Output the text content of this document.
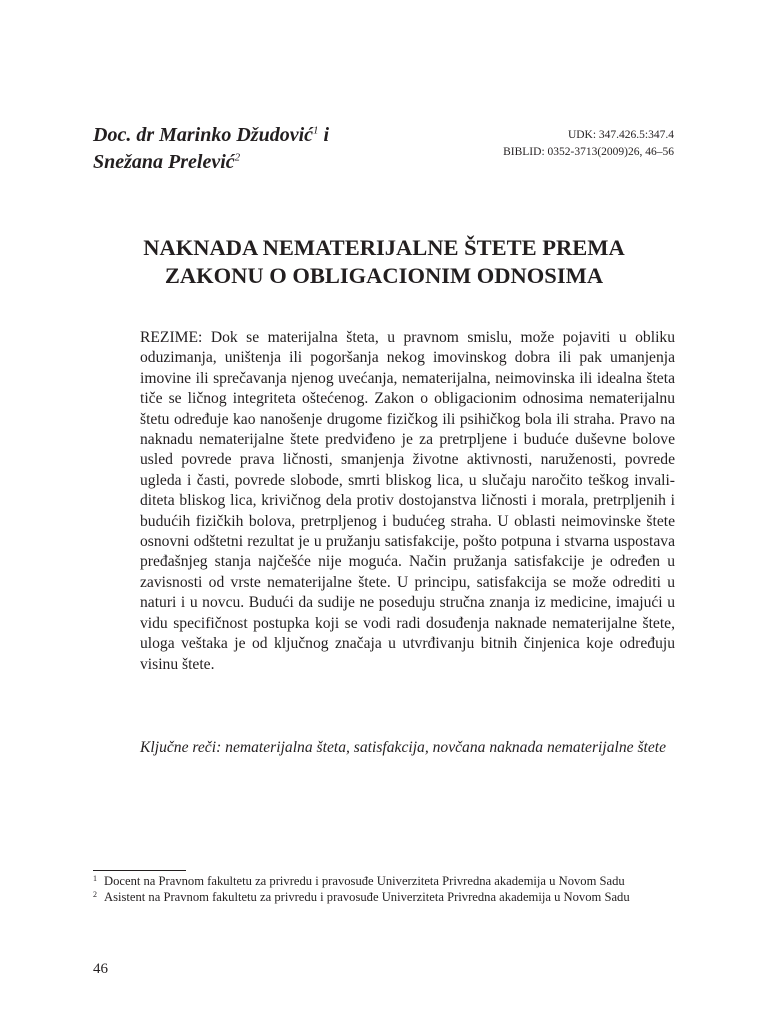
Doc. dr Marinko Džudović$^1$ i
Snežana Prelević$^2$
UDK: 347.426.5:347.4
BIBLID: 0352-3713(2009)26, 46–56
NAKNADA NEMATERIJALNE ŠTETE PREMA
ZAKONU O OBLIGACIONIM ODNOSIMA

REZIME: Dok se materijalna šteta, u pravnom smislu, može pojaviti u obliku oduzimanja, uništenja ili pogoršanja nekog imovinskog dobra ili pak umanjenja imovine ili sprečavanja njenog uvećanja, nematerijalna, neimovinska ili idealna šteta tiče se ličnog integriteta oštećenog. Zakon o obligacionim odnosima nematerijalnu štetu određuje kao nanošenje drugome fizičkog ili psihičkog bola ili straha. Pravo na naknadu nematerijalne štete predviđeno je za pretrpljene i buduće duševne bolove usled povrede prava ličnosti, smanjenja životne aktivnosti, naruženosti, povrede ugleda i časti, povrede slobode, smrti bliskog lica, u slučaju naročito teškog invaliditeta bliskog lica, krivičnog dela protiv dostojanstva ličnosti i morala, pretrpljenih i budućih fizičkih bolova, pretrpljenog i budućeg straha. U oblasti neimovinske štete osnovni odštetni rezultat je u pružanju satisfakcije, pošto potpuna i stvarna uspostava pređašnjeg stanja najčešće nije moguća. Način pružanja satisfakcije je određen u zavisnosti od vrste nematerijalne štete. U principu, satisfakcija se može odrediti u naturi i u novcu. Budući da sudije ne poseduju stručna znanja iz medicine, imajući u vidu specifičnost postupka koji se vodi radi dosuđenja naknade nematerijalne štete, uloga veštaka je od ključnog značaja u utvrđivanju bitnih činjenica koje određuju visinu štete.

Ključne reči: nematerijalna šteta, satisfakcija, novčana naknada nematerijalne štete
1 Docent na Pravnom fakultetu za privredu i pravosuđe Univerziteta Privredna akademija u Novom Sadu
2 Asistent na Pravnom fakultetu za privredu i pravosuđe Univerziteta Privredna akademija u Novom Sadu
46
